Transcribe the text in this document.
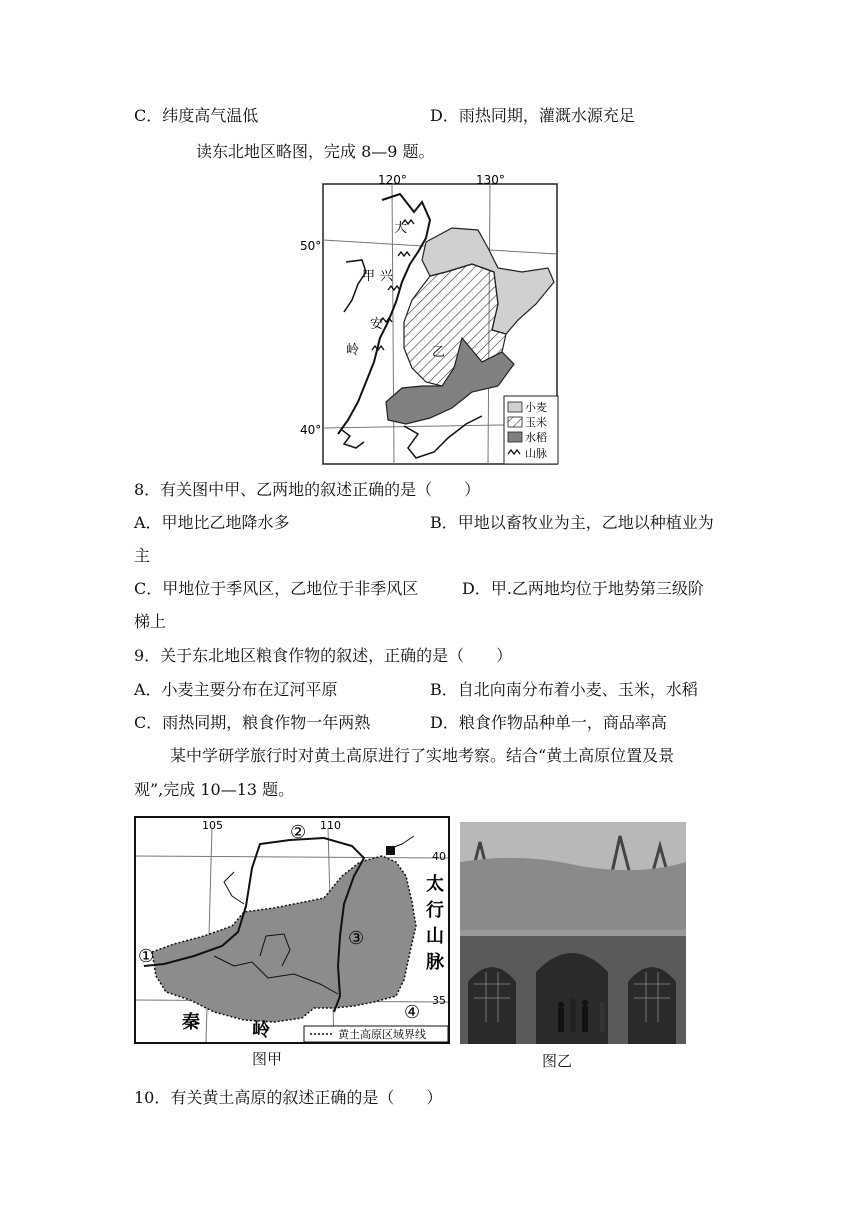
C．纬度高气温低	D．雨热同期，灌溉水源充足
读东北地区略图，完成 8—9 题。
120°	130°
50°
40°
大
兴
甲
安
岭	乙
小麦
玉米
水稻
山脉
8．有关图中甲、乙两地的叙述正确的是（　　）
A．甲地比乙地降水多	B．甲地以畜牧业为主，乙地以种植业为
主
C．甲地位于季风区，乙地位于非季风区	D．甲.乙两地均位于地势第三级阶
梯上
9．关于东北地区粮食作物的叙述，正确的是（　　）
A．小麦主要分布在辽河平原	B．自北向南分布着小麦、玉米，水稻
C．雨热同期，粮食作物一年两熟	D．粮食作物品种单一，商品率高
某中学研学旅行时对黄土高原进行了实地考察。结合“黄土高原位置及景
观”,完成 10—13 题。
105	110
40
35
①
②
③
④
太
行
山
脉
秦	岭	黄土高原区域界线
图甲	图乙
10．有关黄土高原的叙述正确的是（　　）
